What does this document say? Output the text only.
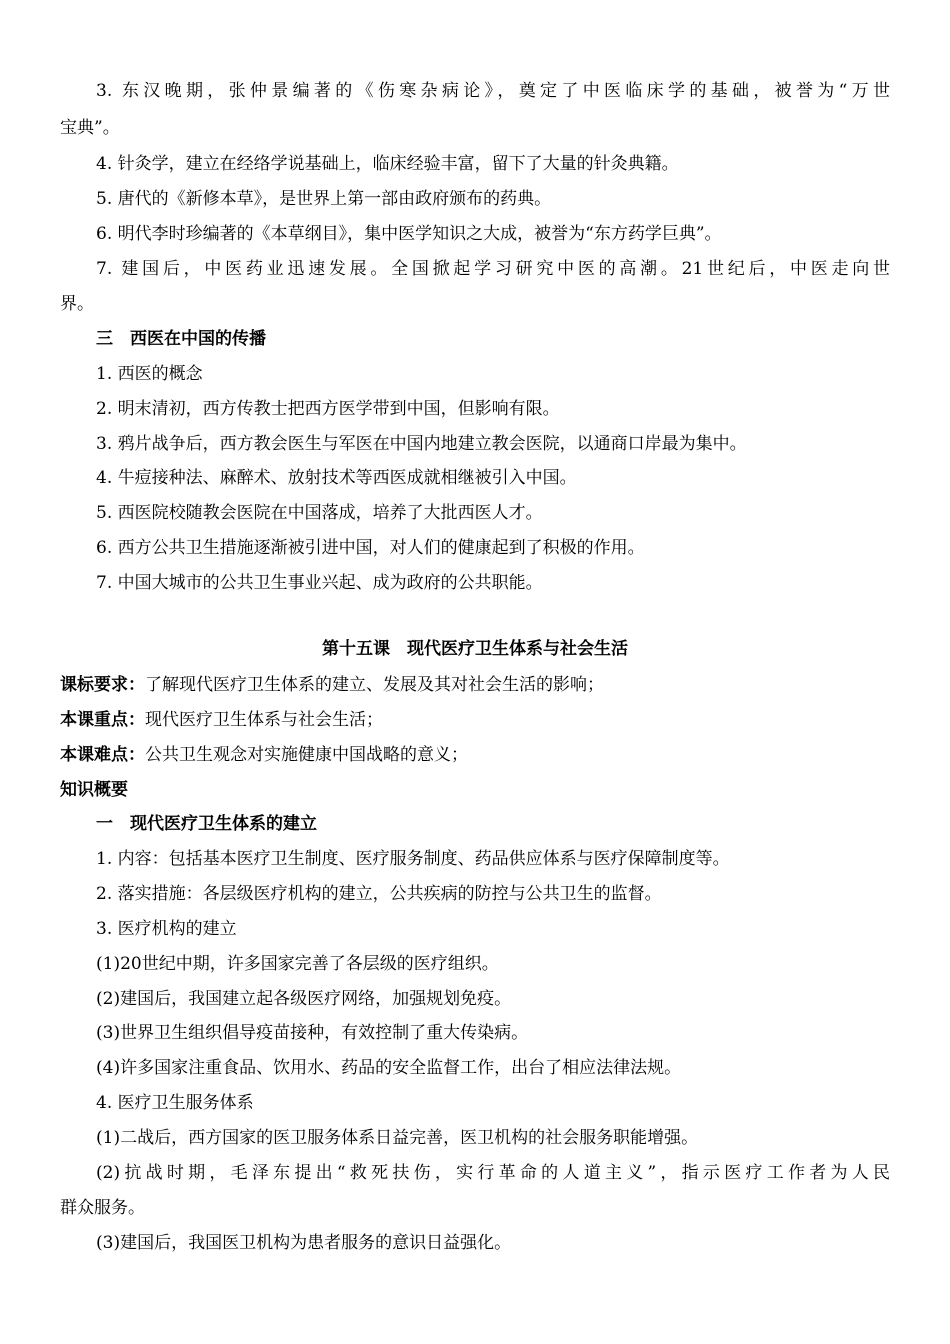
3. 东汉晚期，张仲景编著的《伤寒杂病论》，奠定了中医临床学的基础，被誉为“万世
宝典”。
4. 针灸学，建立在经络学说基础上，临床经验丰富，留下了大量的针灸典籍。
5. 唐代的《新修本草》，是世界上第一部由政府颁布的药典。
6. 明代李时珍编著的《本草纲目》，集中医学知识之大成，被誉为“东方药学巨典”。
7. 建国后，中医药业迅速发展。全国掀起学习研究中医的高潮。21世纪后，中医走向世
界。
三　西医在中国的传播
1. 西医的概念
2. 明末清初，西方传教士把西方医学带到中国，但影响有限。
3. 鸦片战争后，西方教会医生与军医在中国内地建立教会医院，以通商口岸最为集中。
4. 牛痘接种法、麻醉术、放射技术等西医成就相继被引入中国。
5. 西医院校随教会医院在中国落成，培养了大批西医人才。
6. 西方公共卫生措施逐渐被引进中国，对人们的健康起到了积极的作用。
7. 中国大城市的公共卫生事业兴起、成为政府的公共职能。
第十五课　现代医疗卫生体系与社会生活
课标要求：了解现代医疗卫生体系的建立、发展及其对社会生活的影响；
本课重点：现代医疗卫生体系与社会生活；
本课难点：公共卫生观念对实施健康中国战略的意义；
知识概要
一　现代医疗卫生体系的建立
1. 内容：包括基本医疗卫生制度、医疗服务制度、药品供应体系与医疗保障制度等。
2. 落实措施：各层级医疗机构的建立，公共疾病的防控与公共卫生的监督。
3. 医疗机构的建立
(1)20世纪中期，许多国家完善了各层级的医疗组织。
(2)建国后，我国建立起各级医疗网络，加强规划免疫。
(3)世界卫生组织倡导疫苗接种，有效控制了重大传染病。
(4)许多国家注重食品、饮用水、药品的安全监督工作，出台了相应法律法规。
4. 医疗卫生服务体系
(1)二战后，西方国家的医卫服务体系日益完善，医卫机构的社会服务职能增强。
(2)抗战时期，毛泽东提出“救死扶伤，实行革命的人道主义”，指示医疗工作者为人民
群众服务。
(3)建国后，我国医卫机构为患者服务的意识日益强化。
